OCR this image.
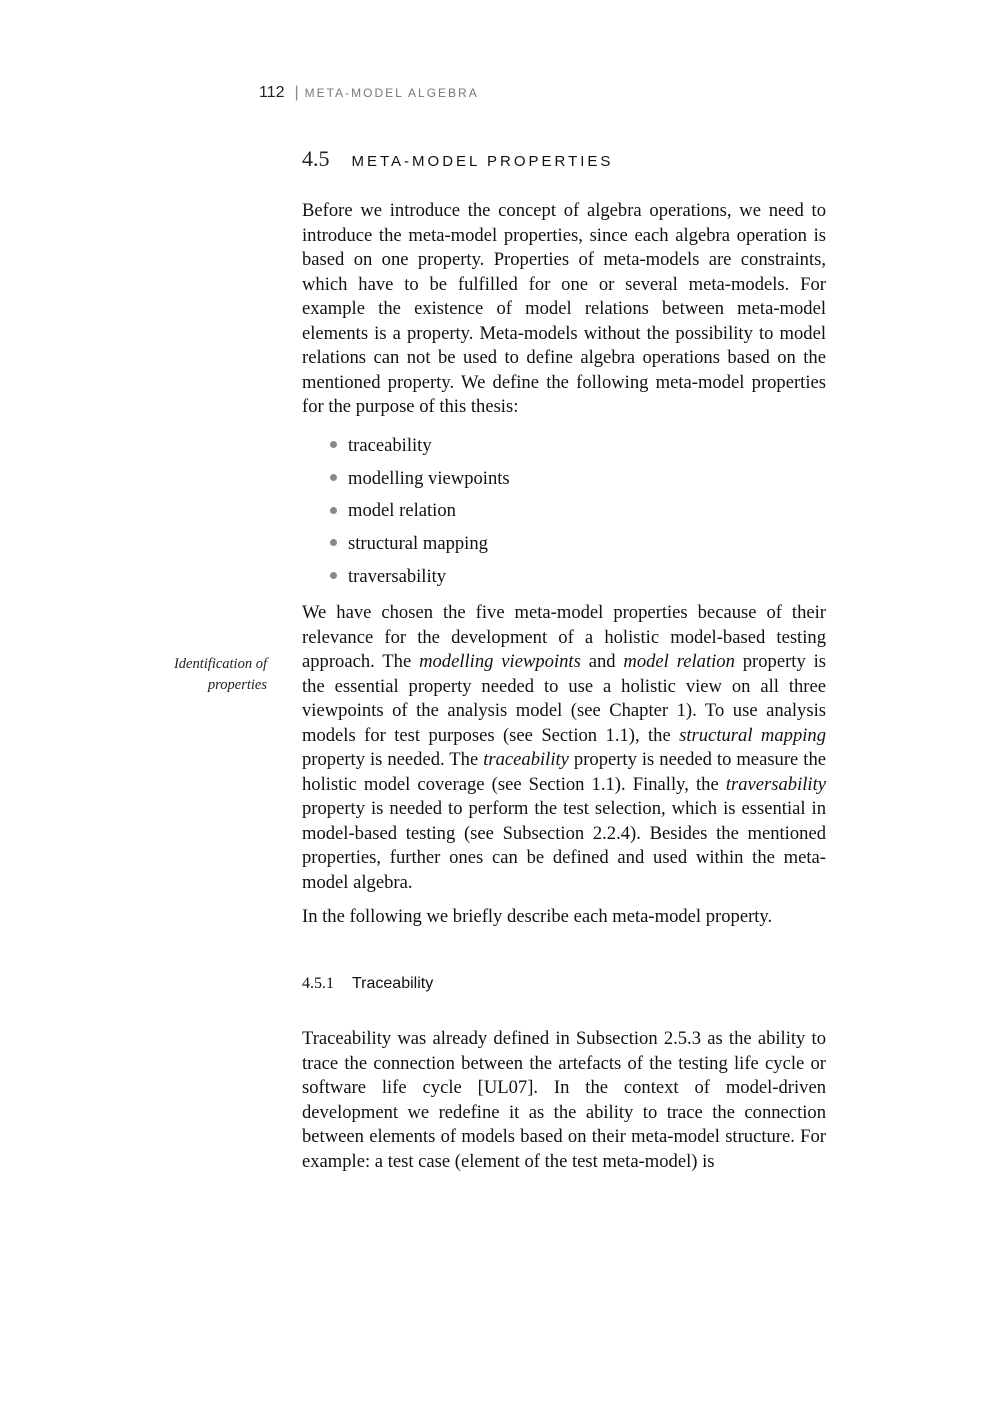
112 | META-MODEL ALGEBRA
4.5 META-MODEL PROPERTIES

Before we introduce the concept of algebra operations, we need to introduce the meta-model properties, since each algebra operation is based on one property. Properties of meta-models are constraints, which have to be fulfilled for one or several meta-models. For example the existence of model relations between meta-model elements is a property. Meta-models without the possibility to model relations can not be used to define algebra operations based on the mentioned property. We define the following meta-model properties for the purpose of this thesis:

traceability
modelling viewpoints
model relation
structural mapping
traversability
Identification of properties

We have chosen the five meta-model properties because of their relevance for the development of a holistic model-based testing approach. The modelling viewpoints and model relation property is the essential property needed to use a holistic view on all three viewpoints of the analysis model (see Chapter 1). To use analysis models for test purposes (see Section 1.1), the structural mapping property is needed. The traceability property is needed to measure the holistic model coverage (see Section 1.1). Finally, the traversability property is needed to perform the test selection, which is essential in model-based testing (see Subsection 2.2.4). Besides the mentioned properties, further ones can be defined and used within the meta-model algebra.

In the following we briefly describe each meta-model property.

4.5.1 Traceability

Traceability was already defined in Subsection 2.5.3 as the ability to trace the connection between the artefacts of the testing life cycle or software life cycle [UL07]. In the context of model-driven development we redefine it as the ability to trace the connection between elements of models based on their meta-model structure. For example: a test case (element of the test meta-model) is
